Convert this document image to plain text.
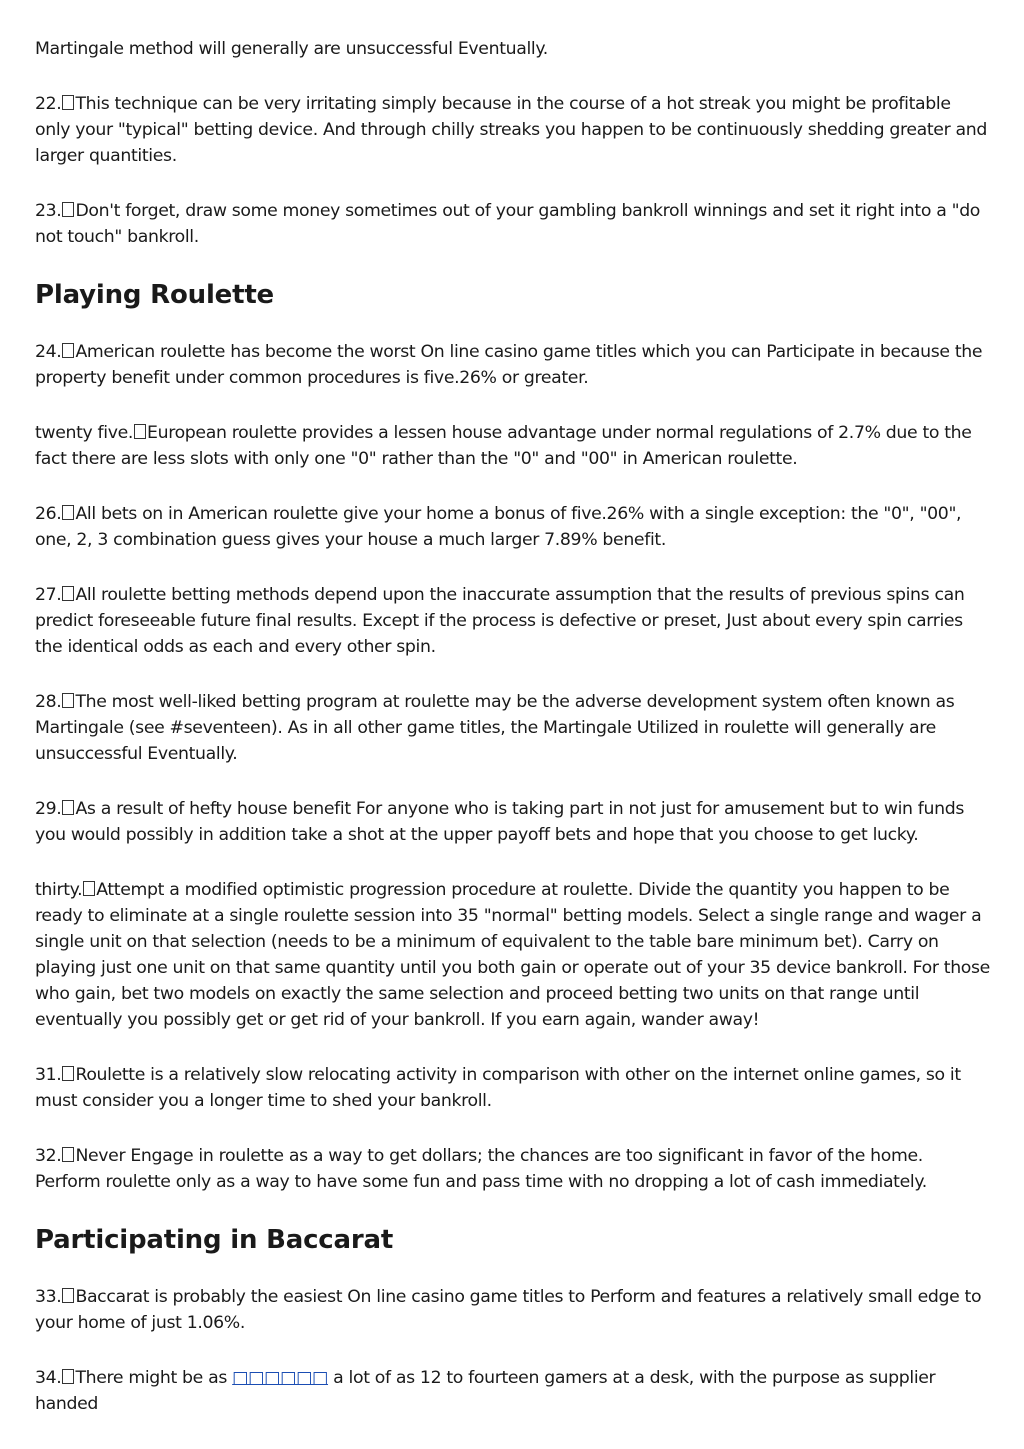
Martingale method will generally are unsuccessful Eventually.

22. This technique can be very irritating simply because in the course of a hot streak you might be profitable only your "typical" betting device. And through chilly streaks you happen to be continuously shedding greater and larger quantities.

23. Don't forget, draw some money sometimes out of your gambling bankroll winnings and set it right into a "do not touch" bankroll.

Playing Roulette

24. American roulette has become the worst On line casino game titles which you can Participate in because the property benefit under common procedures is five.26% or greater.

twenty five. European roulette provides a lessen house advantage under normal regulations of 2.7% due to the fact there are less slots with only one "0" rather than the "0" and "00" in American roulette.

26. All bets on in American roulette give your home a bonus of five.26% with a single exception: the "0", "00", one, 2, 3 combination guess gives your house a much larger 7.89% benefit.

27. All roulette betting methods depend upon the inaccurate assumption that the results of previous spins can predict foreseeable future final results. Except if the process is defective or preset, Just about every spin carries the identical odds as each and every other spin.

28. The most well-liked betting program at roulette may be the adverse development system often known as Martingale (see #seventeen). As in all other game titles, the Martingale Utilized in roulette will generally are unsuccessful Eventually.

29. As a result of hefty house benefit For anyone who is taking part in not just for amusement but to win funds you would possibly in addition take a shot at the upper payoff bets and hope that you choose to get lucky.

thirty. Attempt a modified optimistic progression procedure at roulette. Divide the quantity you happen to be ready to eliminate at a single roulette session into 35 "normal" betting models. Select a single range and wager a single unit on that selection (needs to be a minimum of equivalent to the table bare minimum bet). Carry on playing just one unit on that same quantity until you both gain or operate out of your 35 device bankroll. For those who gain, bet two models on exactly the same selection and proceed betting two units on that range until eventually you possibly get or get rid of your bankroll. If you earn again, wander away!

31. Roulette is a relatively slow relocating activity in comparison with other on the internet online games, so it must consider you a longer time to shed your bankroll.

32. Never Engage in roulette as a way to get dollars; the chances are too significant in favor of the home. Perform roulette only as a way to have some fun and pass time with no dropping a lot of cash immediately.

Participating in Baccarat

33. Baccarat is probably the easiest On line casino game titles to Perform and features a relatively small edge to your home of just 1.06%.

34. There might be as □□□□□□ a lot of as 12 to fourteen gamers at a desk, with the purpose as supplier handed
